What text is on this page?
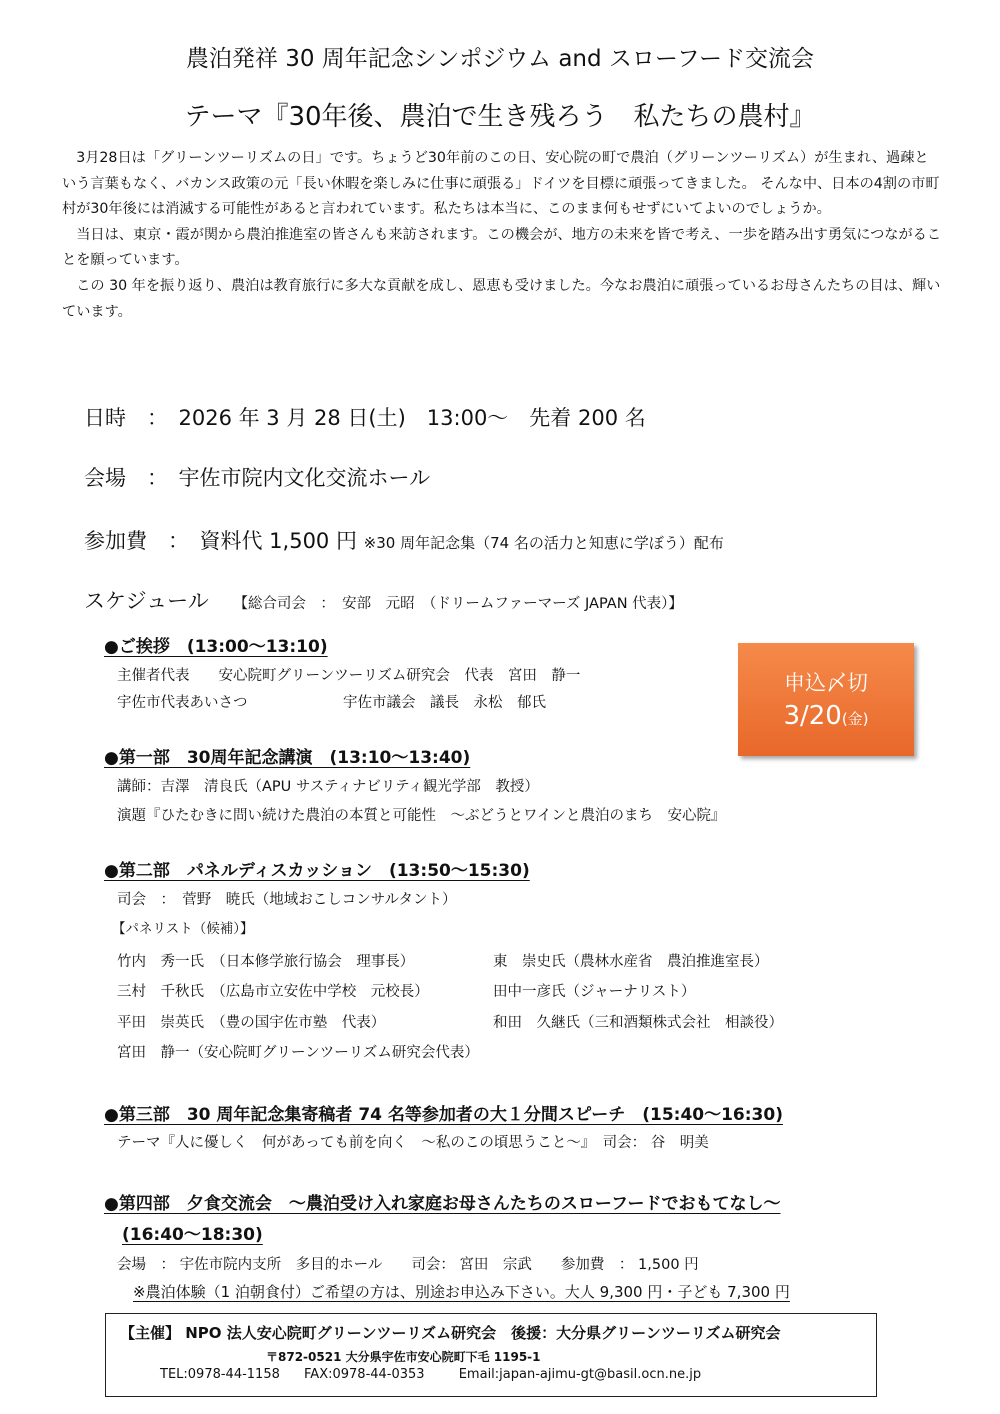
農泊発祥 30 周年記念シンポジウム and スローフード交流会
テーマ『30年後、農泊で生き残ろう　私たちの農村』

3月28日は「グリーンツーリズムの日」です。ちょうど30年前のこの日、安心院の町で農泊（グリーンツーリズム）が生まれ、過疎という言葉もなく、バカンス政策の元「長い休暇を楽しみに仕事に頑張る」ドイツを目標に頑張ってきました。 そんな中、日本の4割の市町村が30年後には消滅する可能性があると言われています。私たちは本当に、このまま何もせずにいてよいのでしょうか。

当日は、東京・霞が関から農泊推進室の皆さんも来訪されます。この機会が、地方の未来を皆で考え、一歩を踏み出す勇気につながることを願っています。

この 30 年を振り返り、農泊は教育旅行に多大な貢献を成し、恩恵も受けました。今なお農泊に頑張っているお母さんたちの目は、輝いています。

日時　：　2026 年 3 月 28 日(土)　13:00～　先着 200 名
会場　：　宇佐市院内文化交流ホール
参加費　：　資料代 1,500 円 ※30 周年記念集（74 名の活力と知恵に学ぼう）配布
スケジュール 【総合司会　：　安部　元昭　（ドリームファーマーズ JAPAN 代表）】
●ご挨拶　(13:00～13:10)
主催者代表　　安心院町グリーンツーリズム研究会　代表　宮田　静一
宇佐市代表あいさつ	宇佐市議会　議長　永松　郁氏
申込〆切
3/20(金)
●第一部　30周年記念講演　(13:10～13:40)
講師：吉澤　清良氏（APU サスティナビリティ観光学部　教授）
演題『ひたむきに問い続けた農泊の本質と可能性　～ぶどうとワインと農泊のまち　安心院』
●第二部　パネルディスカッション　(13:50～15:30)
司会　：　菅野　暁氏（地域おこしコンサルタント）
【パネリスト（候補）】
竹内　秀一氏　（日本修学旅行協会　理事長）
三村　千秋氏　（広島市立安佐中学校　元校長）
平田　崇英氏　（豊の国宇佐市塾　代表）
宮田　静一（安心院町グリーンツーリズム研究会代表）
東　崇史氏（農林水産省　農泊推進室長）
田中一彦氏（ジャーナリスト）
和田　久継氏（三和酒類株式会社　相談役）
●第三部　30 周年記念集寄稿者 74 名等参加者の大１分間スピーチ　(15:40～16:30)
テーマ『人に優しく　何があっても前を向く　～私のこの頃思うこと～』　司会： 谷　明美
●第四部　夕食交流会　～農泊受け入れ家庭お母さんたちのスローフードでおもてなし～
(16:40～18:30)
会場　： 宇佐市院内支所　多目的ホール　　司会： 宮田　宗武　　参加費　： 1,500 円
※農泊体験（1 泊朝食付）ご希望の方は、別途お申込み下さい。大人 9,300 円・子ども 7,300 円
【主催】 NPO 法人安心院町グリーンツーリズム研究会　後援：大分県グリーンツーリズム研究会
〒872-0521 大分県宇佐市安心院町下毛 1195-1
TEL:0978-44-1158 FAX:0978-44-0353	Email:japan-ajimu-gt@basil.ocn.ne.jp
